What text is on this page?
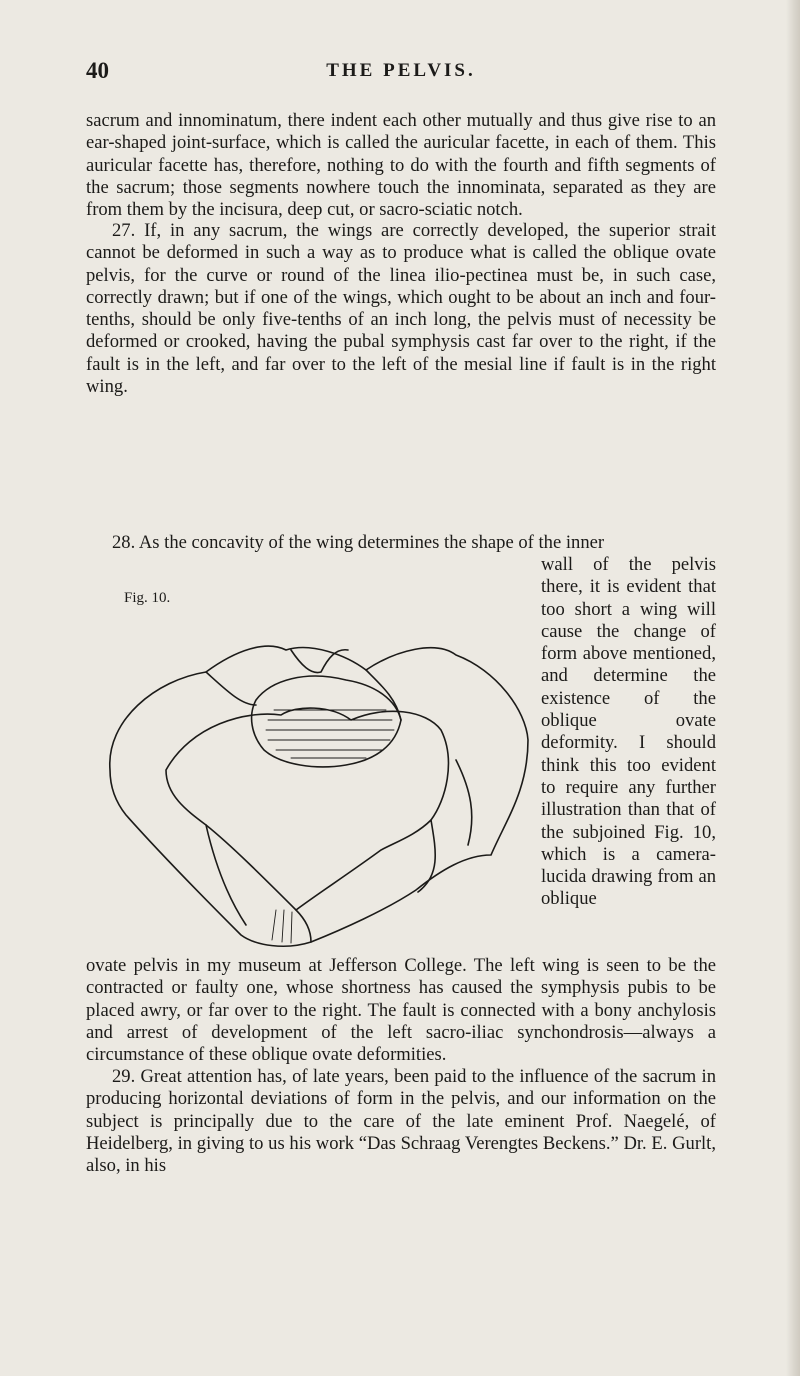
40	THE PELVIS.

sacrum and innominatum, there indent each other mutually and thus give rise to an ear-shaped joint-surface, which is called the auricular facette, in each of them. This auricular facette has, therefore, nothing to do with the fourth and fifth segments of the sacrum; those segments nowhere touch the innominata, separated as they are from them by the incisura, deep cut, or sacro-sciatic notch.

27. If, in any sacrum, the wings are correctly developed, the superior strait cannot be deformed in such a way as to produce what is called the oblique ovate pelvis, for the curve or round of the linea ilio-pectinea must be, in such case, correctly drawn; but if one of the wings, which ought to be about an inch and four-tenths, should be only five-tenths of an inch long, the pelvis must of necessity be deformed or crooked, having the pubal symphysis cast far over to the right, if the fault is in the left, and far over to the left of the mesial line if fault is in the right wing.

28. As the concavity of the wing determines the shape of the inner

wall of the pelvis there, it is evident that too short a wing will cause the change of form above mentioned, and determine the existence of the oblique ovate deformity. I should think this too evident to require any further illustration than that of the subjoined Fig. 10, which is a camera-lucida drawing from an oblique

Fig. 10.

ovate pelvis in my museum at Jefferson College. The left wing is seen to be the contracted or faulty one, whose shortness has caused the symphysis pubis to be placed awry, or far over to the right. The fault is connected with a bony anchylosis and arrest of development of the left sacro-iliac synchondrosis—always a circumstance of these oblique ovate deformities.

29. Great attention has, of late years, been paid to the influence of the sacrum in producing horizontal deviations of form in the pelvis, and our information on the subject is principally due to the care of the late eminent Prof. Naegelé, of Heidelberg, in giving to us his work “Das Schraag Verengtes Beckens.” Dr. E. Gurlt, also, in his
